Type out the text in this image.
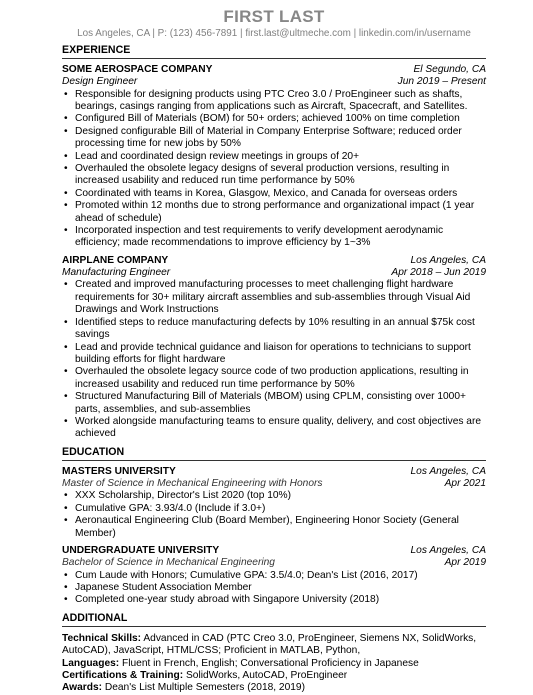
FIRST LAST
Los Angeles, CA | P: (123) 456-7891 | first.last@ultmeche.com | linkedin.com/in/username
EXPERIENCE
SOME AEROSPACE COMPANY	El Segundo, CA
Design Engineer	Jun 2019 – Present
• Responsible for designing products using PTC Creo 3.0 / ProEngineer such as shafts, bearings, casings ranging from applications such as Aircraft, Spacecraft, and Satellites.
• Configured Bill of Materials (BOM) for 50+ orders; achieved 100% on time completion
• Designed configurable Bill of Material in Company Enterprise Software; reduced order processing time for new jobs by 50%
• Lead and coordinated design review meetings in groups of 20+
• Overhauled the obsolete legacy designs of several production versions, resulting in increased usability and reduced run time performance by 50%
• Coordinated with teams in Korea, Glasgow, Mexico, and Canada for overseas orders
• Promoted within 12 months due to strong performance and organizational impact (1 year ahead of schedule)
• Incorporated inspection and test requirements to verify development aerodynamic efficiency; made recommendations to improve efficiency by 1~3%
AIRPLANE COMPANY	Los Angeles, CA
Manufacturing Engineer	Apr 2018 – Jun 2019
• Created and improved manufacturing processes to meet challenging flight hardware requirements for 30+ military aircraft assemblies and sub-assemblies through Visual Aid Drawings and Work Instructions
• Identified steps to reduce manufacturing defects by 10% resulting in an annual $75k cost savings
• Lead and provide technical guidance and liaison for operations to technicians to support building efforts for flight hardware
• Overhauled the obsolete legacy source code of two production applications, resulting in increased usability and reduced run time performance by 50%
• Structured Manufacturing Bill of Materials (MBOM) using CPLM, consisting over 1000+ parts, assemblies, and sub-assemblies
• Worked alongside manufacturing teams to ensure quality, delivery, and cost objectives are achieved
EDUCATION
MASTERS UNIVERSITY	Los Angeles, CA
Master of Science in Mechanical Engineering with Honors	Apr 2021
• XXX Scholarship, Director's List 2020 (top 10%)
• Cumulative GPA: 3.93/4.0 (Include if 3.0+)
• Aeronautical Engineering Club (Board Member), Engineering Honor Society (General Member)
UNDERGRADUATE UNIVERSITY	Los Angeles, CA
Bachelor of Science in Mechanical Engineering	Apr 2019
• Cum Laude with Honors; Cumulative GPA: 3.5/4.0; Dean's List (2016, 2017)
• Japanese Student Association Member
• Completed one-year study abroad with Singapore University (2018)
ADDITIONAL

Technical Skills: Advanced in CAD (PTC Creo 3.0, ProEngineer, Siemens NX, SolidWorks, AutoCAD), JavaScript, HTML/CSS; Proficient in MATLAB, Python,

Languages: Fluent in French, English; Conversational Proficiency in Japanese

Certifications & Training: SolidWorks, AutoCAD, ProEngineer

Awards: Dean's List Multiple Semesters (2018, 2019)
